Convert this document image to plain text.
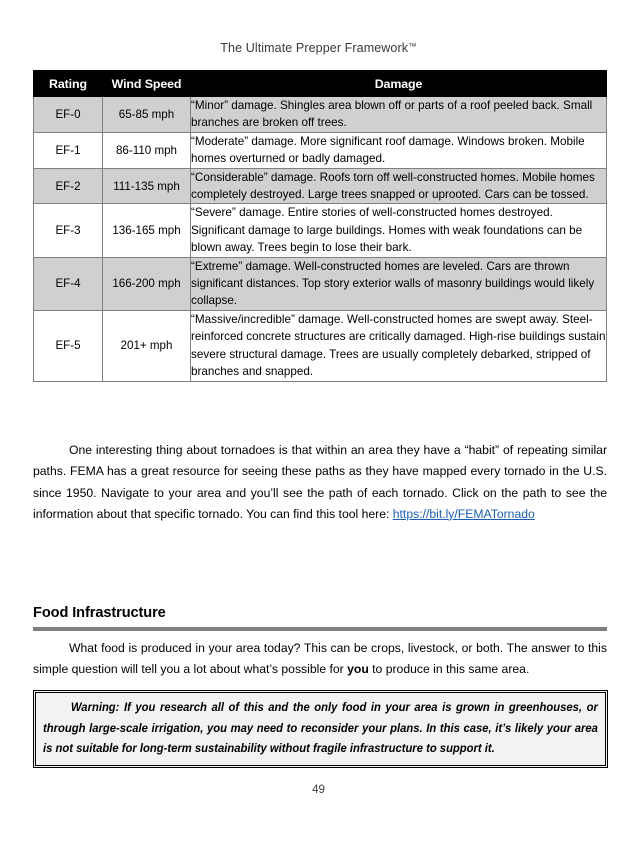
The Ultimate Prepper Framework™
Rating	Wind Speed	Damage
EF-0	65-85 mph	“Minor” damage. Shingles area blown off or parts of a roof peeled back. Small branches are broken off trees.
EF-1	86-110 mph	“Moderate” damage. More significant roof damage. Windows broken. Mobile homes overturned or badly damaged.
EF-2	111-135 mph	“Considerable” damage. Roofs torn off well-constructed homes. Mobile homes completely destroyed. Large trees snapped or uprooted. Cars can be tossed.
EF-3	136-165 mph	“Severe” damage. Entire stories of well-constructed homes destroyed. Significant damage to large buildings. Homes with weak foundations can be blown away. Trees begin to lose their bark.
EF-4	166-200 mph	“Extreme” damage. Well-constructed homes are leveled. Cars are thrown significant distances. Top story exterior walls of masonry buildings would likely collapse.
EF-5	201+ mph	“Massive/incredible” damage. Well-constructed homes are swept away. Steel-reinforced concrete structures are critically damaged. High-rise buildings sustain severe structural damage. Trees are usually completely debarked, stripped of branches and snapped.
One interesting thing about tornadoes is that within an area they have a “habit” of repeating similar paths. FEMA has a great resource for seeing these paths as they have mapped every tornado in the U.S. since 1950. Navigate to your area and you’ll see the path of each tornado. Click on the path to see the information about that specific tornado. You can find this tool here: https://bit.ly/FEMATornado
Food Infrastructure
What food is produced in your area today? This can be crops, livestock, or both. The answer to this simple question will tell you a lot about what’s possible for you to produce in this same area.
Warning: If you research all of this and the only food in your area is grown in greenhouses, or through large-scale irrigation, you may need to reconsider your plans. In this case, it’s likely your area is not suitable for long-term sustainability without fragile infrastructure to support it.
49
